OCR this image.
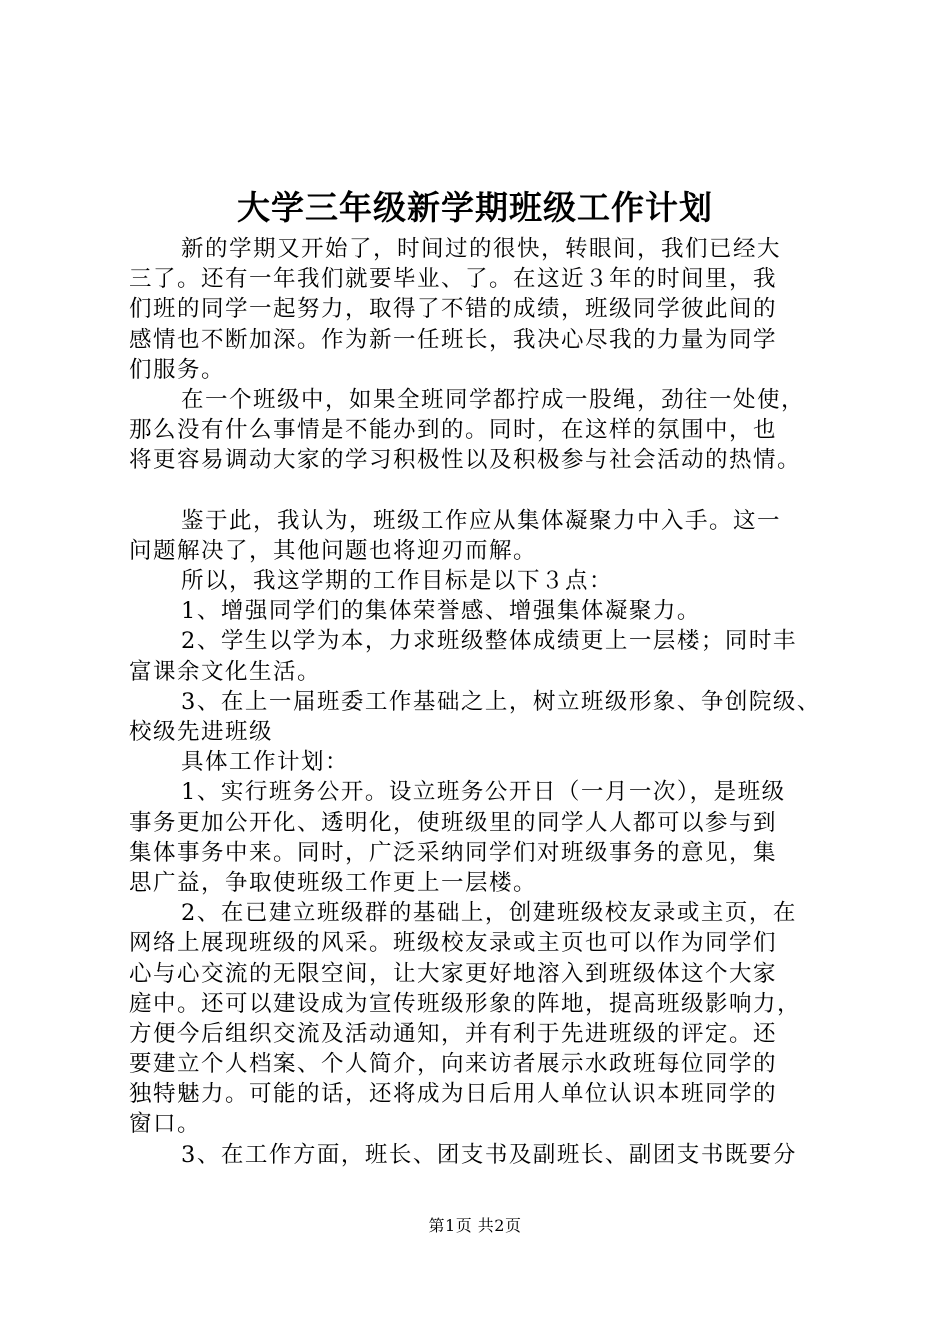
大学三年级新学期班级工作计划
新的学期又开始了，时间过的很快，转眼间，我们已经大
三了。还有一年我们就要毕业、了。在这近３年的时间里，我
们班的同学一起努力，取得了不错的成绩，班级同学彼此间的
感情也不断加深。作为新一任班长，我决心尽我的力量为同学
们服务。
在一个班级中，如果全班同学都拧成一股绳，劲往一处使，
那么没有什么事情是不能办到的。同时，在这样的氛围中，也
将更容易调动大家的学习积极性以及积极参与社会活动的热情。
鉴于此，我认为，班级工作应从集体凝聚力中入手。这一
问题解决了，其他问题也将迎刃而解。
所以，我这学期的工作目标是以下３点：
1、增强同学们的集体荣誉感、增强集体凝聚力。
2、学生以学为本，力求班级整体成绩更上一层楼；同时丰
富课余文化生活。
3、在上一届班委工作基础之上，树立班级形象、争创院级、
校级先进班级
具体工作计划：
1、实行班务公开。设立班务公开日（一月一次），是班级
事务更加公开化、透明化，使班级里的同学人人都可以参与到
集体事务中来。同时，广泛采纳同学们对班级事务的意见，集
思广益，争取使班级工作更上一层楼。
2、在已建立班级群的基础上，创建班级校友录或主页，在
网络上展现班级的风采。班级校友录或主页也可以作为同学们
心与心交流的无限空间，让大家更好地溶入到班级体这个大家
庭中。还可以建设成为宣传班级形象的阵地，提高班级影响力，
方便今后组织交流及活动通知，并有利于先进班级的评定。还
要建立个人档案、个人简介，向来访者展示水政班每位同学的
独特魅力。可能的话，还将成为日后用人单位认识本班同学的
窗口。
3、在工作方面，班长、团支书及副班长、副团支书既要分
第1页 共2页
